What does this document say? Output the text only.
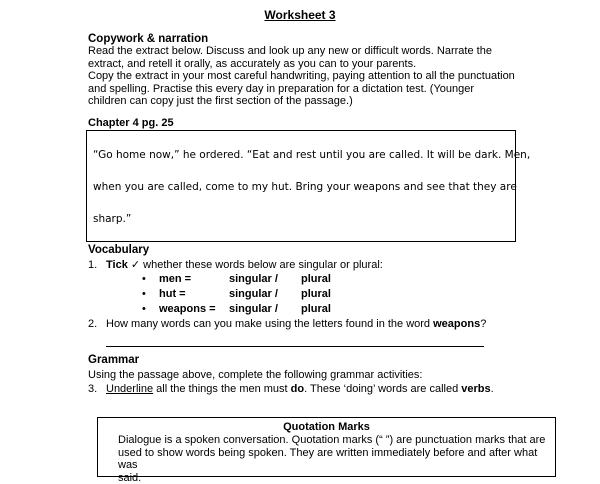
Worksheet 3
Copywork & narration
Read the extract below. Discuss and look up any new or difficult words. Narrate the
extract, and retell it orally, as accurately as you can to your parents.
Copy the extract in your most careful handwriting, paying attention to all the punctuation
and spelling. Practise this every day in preparation for a dictation test. (Younger
children can copy just the first section of the passage.)
Chapter 4 pg. 25
“Go home now,” he ordered. “Eat and rest until you are called. It will be dark. Men,
when you are called, come to my hut. Bring your weapons and see that they are
sharp.”
Vocabulary
1. Tick ✓ whether these words below are singular or plural:
• men =	singular / plural
• hut =	singular / plural
• weapons = singular / plural
2. How many words can you make using the letters found in the word weapons?
Grammar
Using the passage above, complete the following grammar activities:
3. Underline all the things the men must do. These ‘doing’ words are called verbs.
Quotation Marks
Dialogue is a spoken conversation. Quotation marks (“ ”) are punctuation marks that are
used to show words being spoken. They are written immediately before and after what was
said.
